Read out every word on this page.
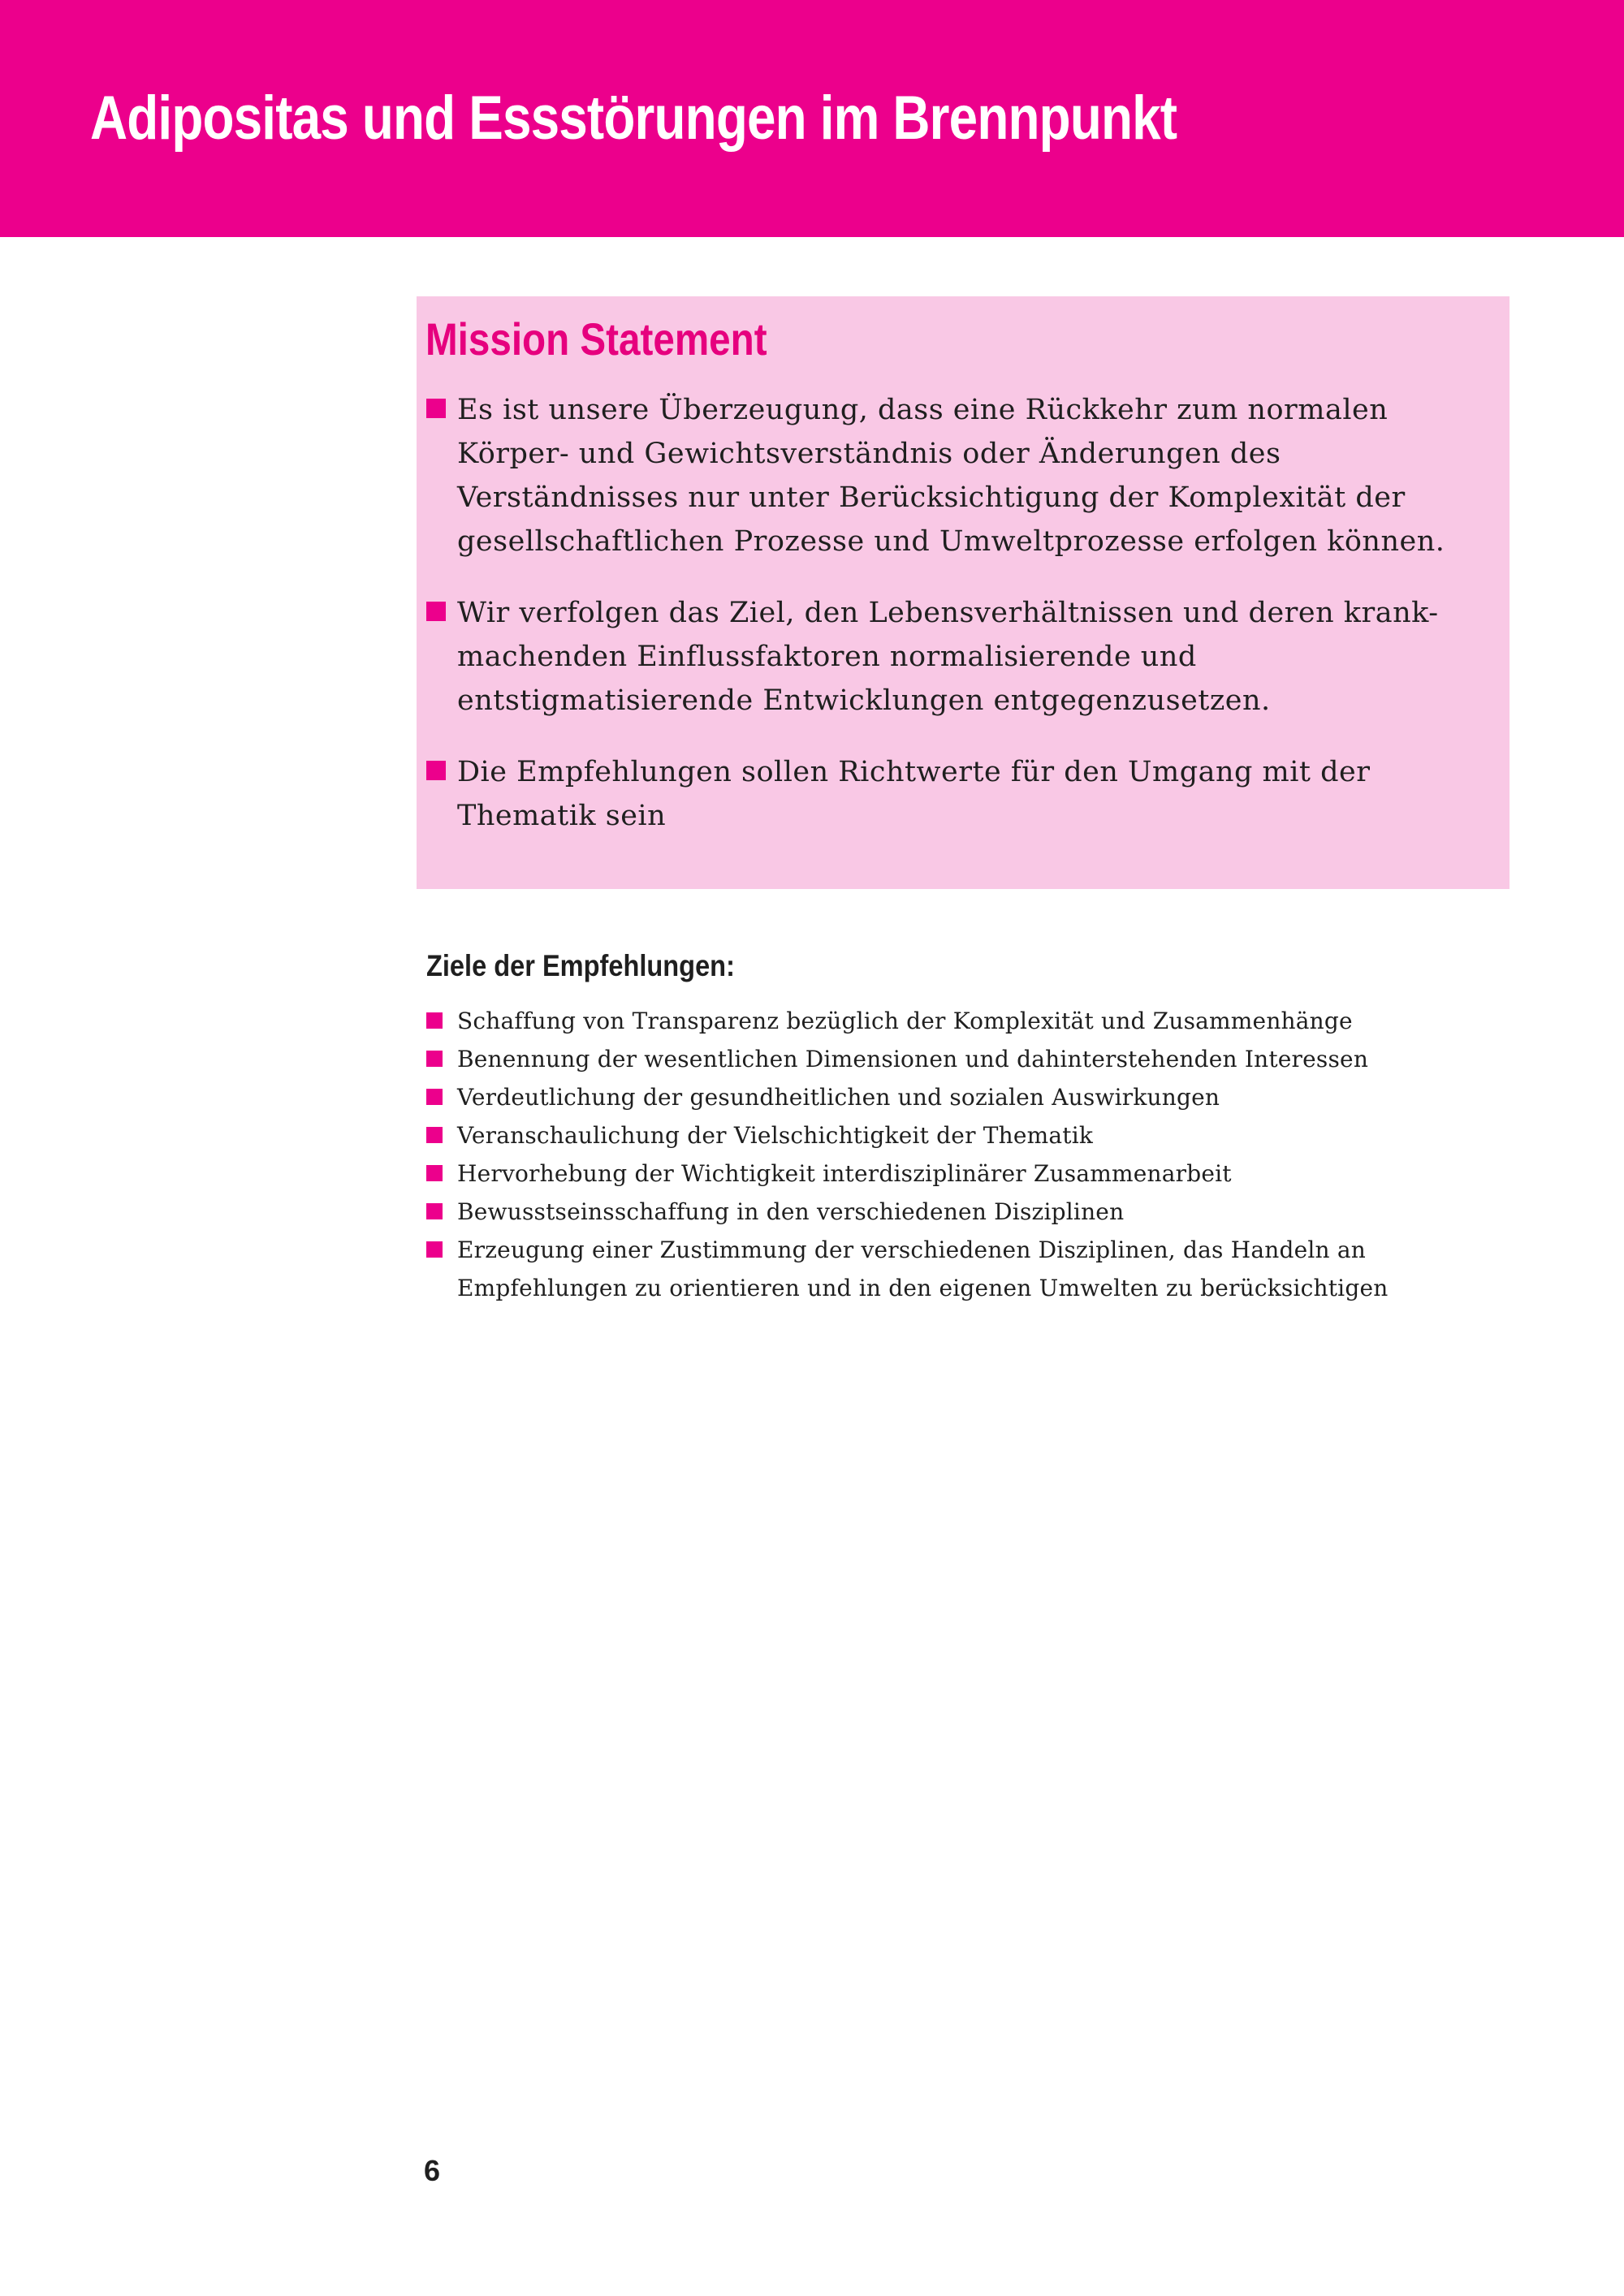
Adipositas und Essstörungen im Brennpunkt
Mission Statement
Es ist unsere Überzeugung, dass eine Rückkehr zum normalen Körper- und Gewichtsverständnis oder Änderungen des Verständnisses nur unter Berücksichtigung der Komplexität der gesellschaftlichen Prozesse und Umweltprozesse erfolgen können.
Wir verfolgen das Ziel, den Lebensverhältnissen und deren krank- machenden Einflussfaktoren normalisierende und entstigmatisierende Entwicklungen entgegenzusetzen.
Die Empfehlungen sollen Richtwerte für den Umgang mit der Thematik sein
Ziele der Empfehlungen:
Schaffung von Transparenz bezüglich der Komplexität und Zusammenhänge
Benennung der wesentlichen Dimensionen und dahinterstehenden Interessen
Verdeutlichung der gesundheitlichen und sozialen Auswirkungen
Veranschaulichung der Vielschichtigkeit der Thematik
Hervorhebung der Wichtigkeit interdisziplinärer Zusammenarbeit
Bewusstseinsschaffung in den verschiedenen Disziplinen
Erzeugung einer Zustimmung der verschiedenen Disziplinen, das Handeln an Empfehlungen zu orientieren und in den eigenen Umwelten zu berücksichtigen
6
